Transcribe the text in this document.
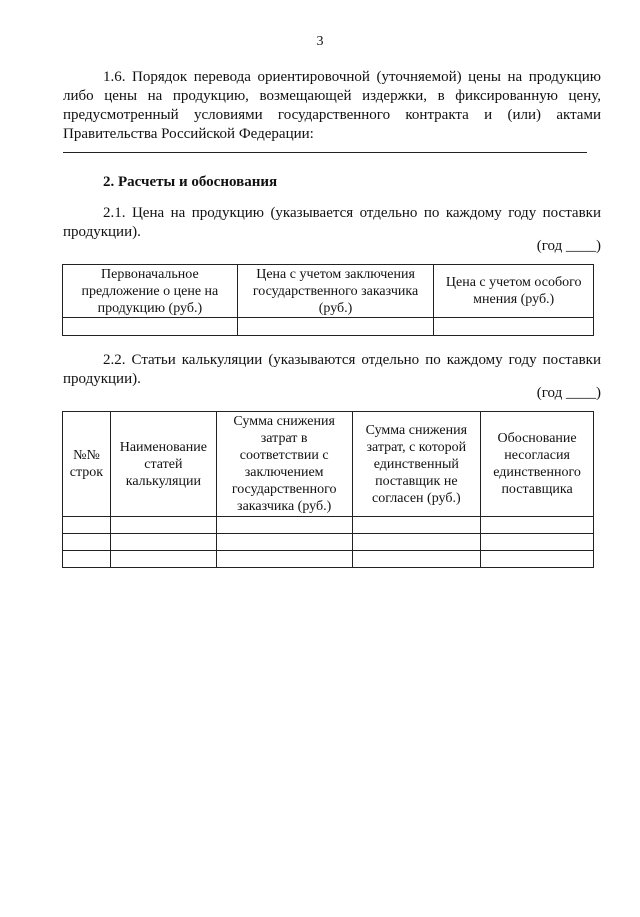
3

1.6. Порядок перевода ориентировочной (уточняемой) цены на продукцию либо цены на продукцию, возмещающей издержки, в фиксированную цену, предусмотренный условиями государственного контракта и (или) актами Правительства Российской Федерации:

2. Расчеты и обоснования

2.1. Цена на продукцию (указывается отдельно по каждому году поставки продукции).

(год ____)
Первоначальное предложение о цене на продукцию (руб.)	Цена с учетом заключения государственного заказчика (руб.)	Цена с учетом особого мнения (руб.)

2.2. Статьи калькуляции (указываются отдельно по каждому году поставки продукции).

(год ____)
№№ строк	Наименование статей калькуляции	Сумма снижения затрат в соответствии с заключением государственного заказчика (руб.)	Сумма снижения затрат, с которой единственный поставщик не согласен (руб.)	Обоснование несогласия единственного поставщика
